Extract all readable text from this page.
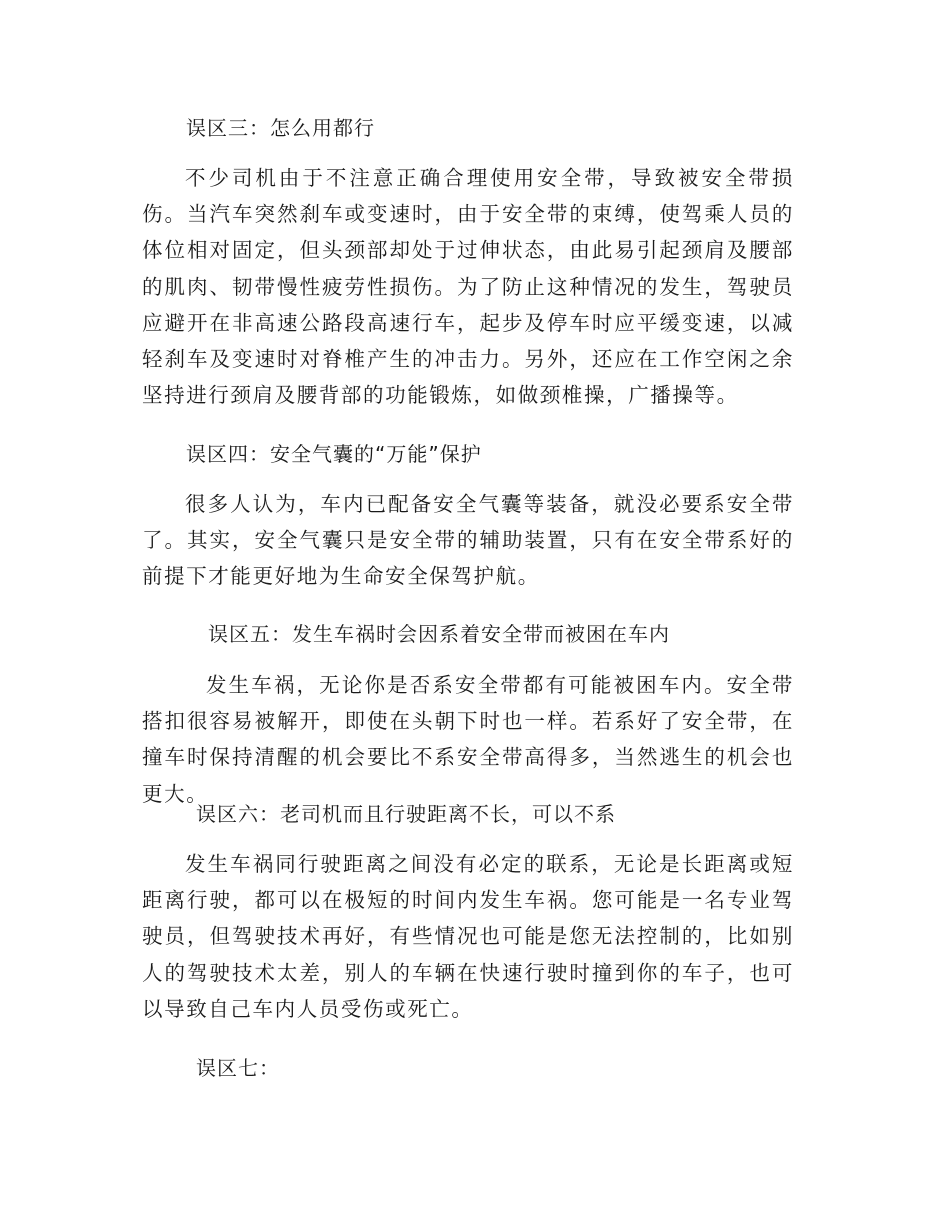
误区三：怎么用都行

不少司机由于不注意正确合理使用安全带，导致被安全带损伤。当汽车突然刹车或变速时，由于安全带的束缚，使驾乘人员的体位相对固定，但头颈部却处于过伸状态，由此易引起颈肩及腰部的肌肉、韧带慢性疲劳性损伤。为了防止这种情况的发生，驾驶员应避开在非高速公路段高速行车，起步及停车时应平缓变速，以减轻刹车及变速时对脊椎产生的冲击力。另外，还应在工作空闲之余坚持进行颈肩及腰背部的功能锻炼，如做颈椎操，广播操等。

误区四：安全气囊的“万能”保护

很多人认为，车内已配备安全气囊等装备，就没必要系安全带了。其实，安全气囊只是安全带的辅助装置，只有在安全带系好的前提下才能更好地为生命安全保驾护航。

误区五：发生车祸时会因系着安全带而被困在车内

发生车祸，无论你是否系安全带都有可能被困车内。安全带搭扣很容易被解开，即使在头朝下时也一样。若系好了安全带，在撞车时保持清醒的机会要比不系安全带高得多，当然逃生的机会也更大。

误区六：老司机而且行驶距离不长，可以不系

发生车祸同行驶距离之间没有必定的联系，无论是长距离或短距离行驶，都可以在极短的时间内发生车祸。您可能是一名专业驾驶员，但驾驶技术再好，有些情况也可能是您无法控制的，比如别人的驾驶技术太差，别人的车辆在快速行驶时撞到你的车子，也可以导致自己车内人员受伤或死亡。

误区七：
